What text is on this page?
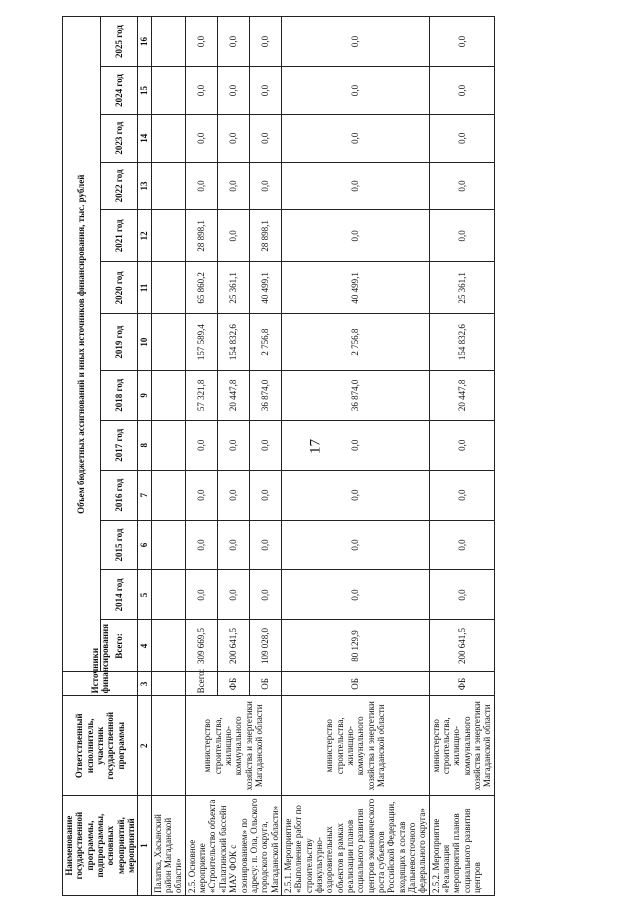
17
Наименование государственной программы, подпрограммы, основных мероприятий, мероприятий	Ответственный исполнитель, участник государственной программы	Источники финансирования	Объем бюджетных ассигнований и иных источников финансирования, тыс. рублей												
			Всего:	2014 год	2015 год	2016 год	2017 год	2018 год	2019 год	2020 год	2021 год	2022 год	2023 год	2024 год	2025 год
1	2	3	4	5	6	7	8	9	10	11	12	13	14	15	16
Палатка, Хасынский район Магаданской области»															
2.5. Основное мероприятие «Строительство объекта «Палатинский бассейн МАУ ФОК с озонированием» по адресу: п. Ола, Ольского городского округа, Магаданской области»	министерство строительства, жилищно-коммунального хозяйства и энергетики Магаданской области	Всего:	309 669,5	0,0	0,0	0,0	0,0	57 321,8	157 589,4	65 860,2	28 898,1	0,0	0,0	0,0	0,0
		ФБ	200 641,5	0,0	0,0	0,0	0,0	20 447,8	154 832,6	25 361,1	0,0	0,0	0,0	0,0	0,0
		ОБ	109 028,0	0,0	0,0	0,0	0,0	36 874,0	2 756,8	40 499,1	28 898,1	0,0	0,0	0,0	0,0
2.5.1. Мероприятие «Выполнение работ по строительству физкультурно-оздоровительных объектов в рамках реализации планов социального развития центров экономического роста субъектов Российской Федерации, входящих в состав Дальневосточного федерального округа»	министерство строительства, жилищно-коммунального хозяйства и энергетики Магаданской области	ОБ	80 129,9	0,0	0,0	0,0	0,0	36 874,0	2 756,8	40 499,1	0,0	0,0	0,0	0,0	0,0
2.5.2. Мероприятие «Реализация мероприятий планов социального развития центров	министерство строительства, жилищно-коммунального хозяйства и энергетики Магаданской области	ФБ	200 641,5	0,0	0,0	0,0	0,0	20 447,8	154 832,6	25 361,1	0,0	0,0	0,0	0,0	0,0
